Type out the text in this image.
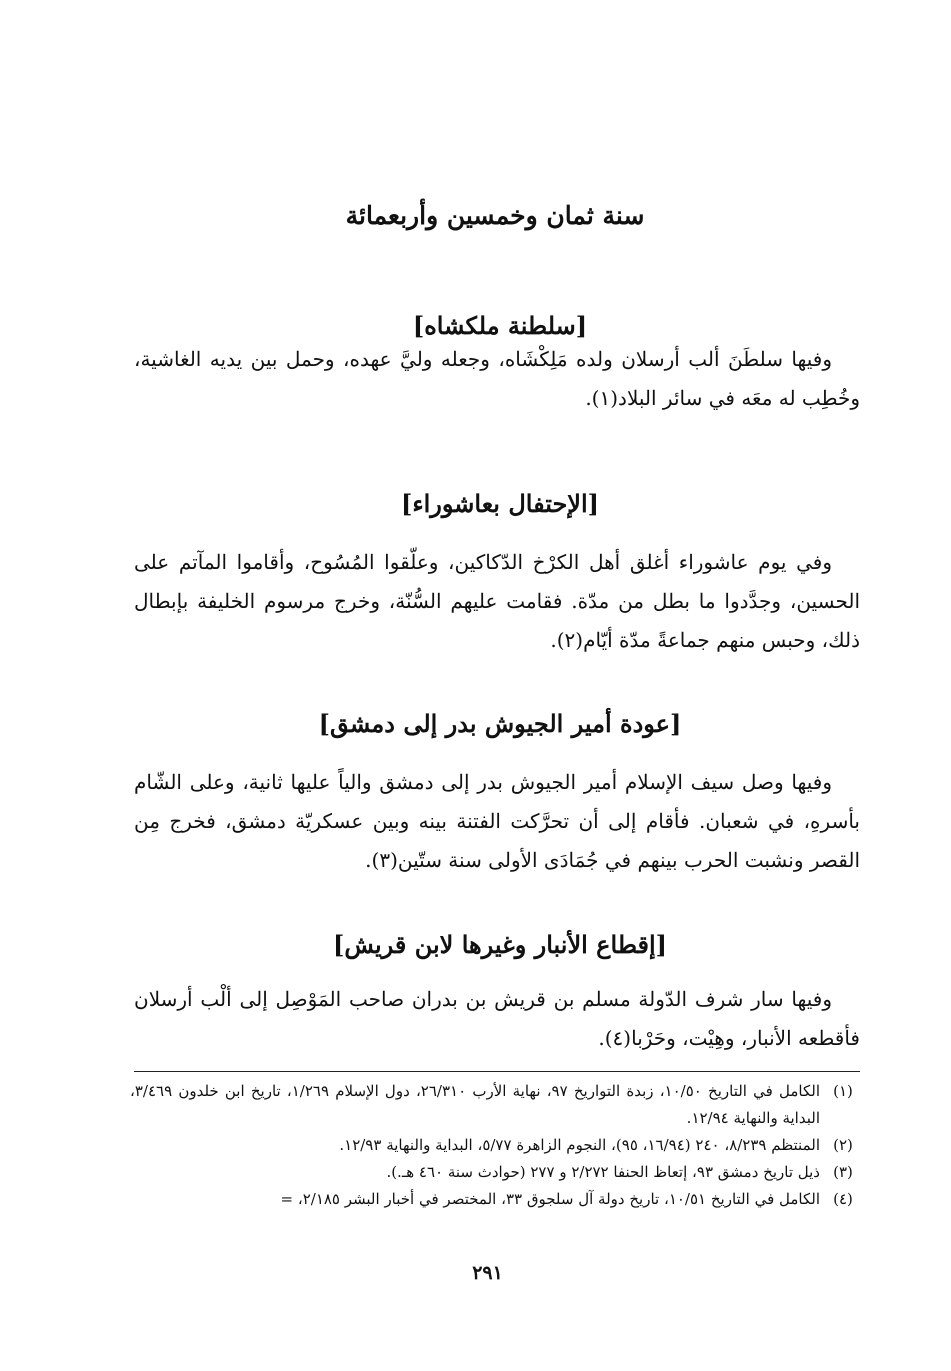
سنة ثمان وخمسين وأربعمائة
[سلطنة ملكشاه]

وفيها سلطَنَ ألب أرسلان ولده مَلِكْشَاه، وجعله وليَّ عهده، وحمل بين يديه الغاشية، وخُطِب له معَه في سائر البلاد(١).

[الإحتفال بعاشوراء]

وفي يوم عاشوراء أغلق أهل الكرْخ الدّكاكين، وعلّقوا المُسُوح، وأقاموا المآتم على الحسين، وجدَّدوا ما بطل من مدّة. فقامت عليهم السُّنّة، وخرج مرسوم الخليفة بإبطال ذلك، وحبس منهم جماعةً مدّة أيّام(٢).

[عودة أمير الجيوش بدر إلى دمشق]

وفيها وصل سيف الإسلام أمير الجيوش بدر إلى دمشق والياً عليها ثانية، وعلى الشّام بأسرهِ، في شعبان. فأقام إلى أن تحرَّكت الفتنة بينه وبين عسكريّة دمشق، فخرج مِن القصر ونشبت الحرب بينهم في جُمَادَى الأولى سنة ستّين(٣).

[إقطاع الأنبار وغيرها لابن قريش]

وفيها سار شرف الدّولة مسلم بن قريش بن بدران صاحب المَوْصِل إلى ألْب أرسلان فأقطعه الأنبار، وهِيْت، وحَرْبا(٤).

(١)
الكامل في التاريخ ١٠/٥٠، زبدة التواريخ ٩٧، نهاية الأرب ٢٦/٣١٠، دول الإسلام ١/٢٦٩، تاريخ ابن خلدون ٣/٤٦٩، البداية والنهاية ١٢/٩٤.
(٢)
المنتظم ٨/٢٣٩، ٢٤٠ (١٦/٩٤، ٩٥)، النجوم الزاهرة ٥/٧٧، البداية والنهاية ١٢/٩٣.
(٣)
ذيل تاريخ دمشق ٩٣، إتعاظ الحنفا ٢/٢٧٢ و ٢٧٧ (حوادث سنة ٤٦٠ هـ.).
(٤)
الكامل في التاريخ ١٠/٥١، تاريخ دولة آل سلجوق ٣٣، المختصر في أخبار البشر ٢/١٨٥، =
٢٩١
